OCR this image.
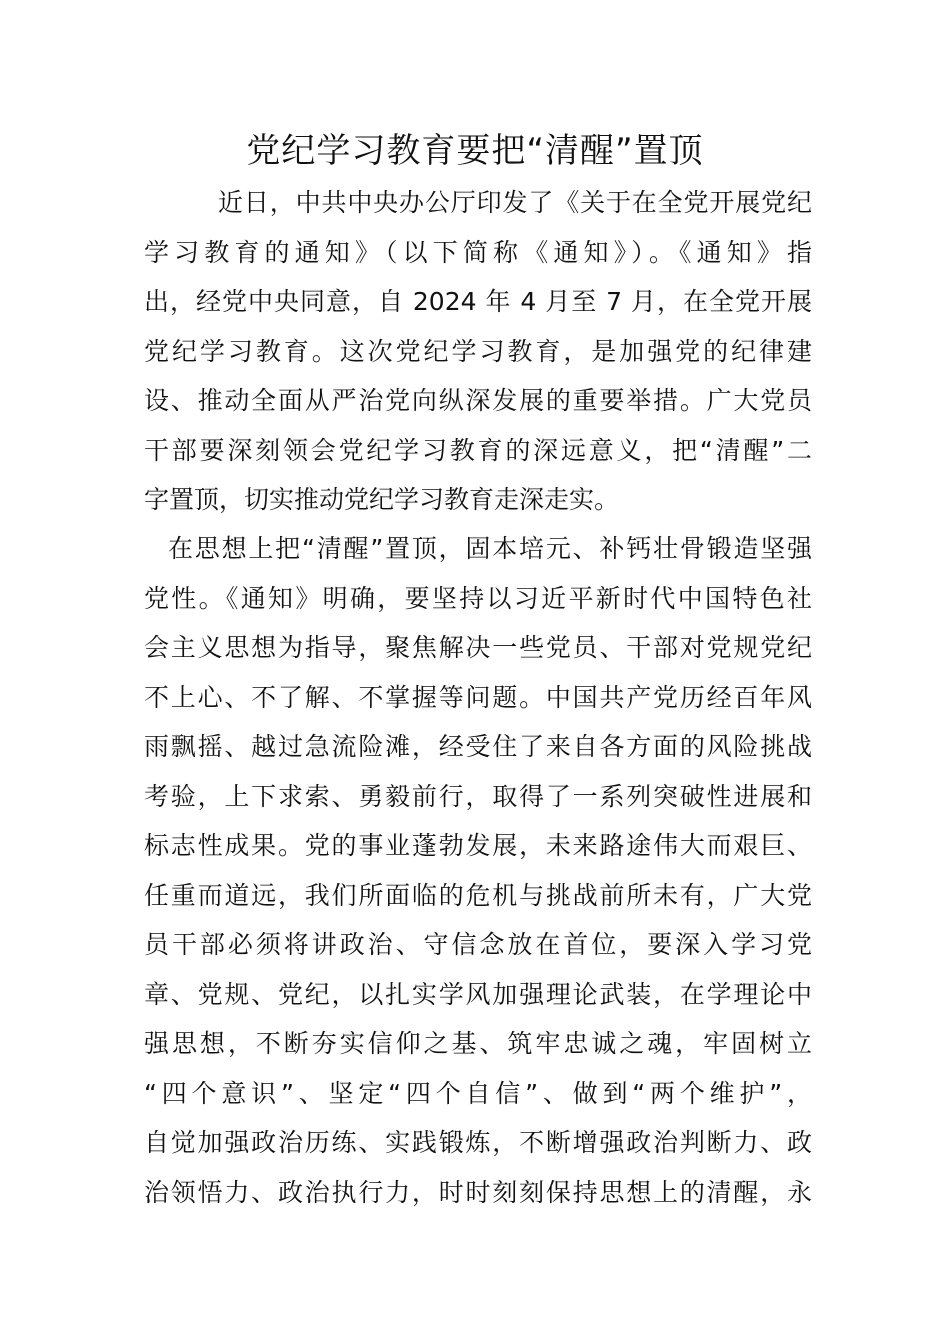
党纪学习教育要把“清醒”置顶
近日，中共中央办公厅印发了《关于在全党开展党纪
学习教育的通知》（以下简称《通知》）。《通知》指
出，经党中央同意，自 2024 年 4 月至 7 月，在全党开展
党纪学习教育。这次党纪学习教育，是加强党的纪律建
设、推动全面从严治党向纵深发展的重要举措。广大党员
干部要深刻领会党纪学习教育的深远意义，把“清醒”二
字置顶，切实推动党纪学习教育走深走实。
在思想上把“清醒”置顶，固本培元、补钙壮骨锻造坚强
党性。《通知》明确，要坚持以习近平新时代中国特色社
会主义思想为指导，聚焦解决一些党员、干部对党规党纪
不上心、不了解、不掌握等问题。中国共产党历经百年风
雨飘摇、越过急流险滩，经受住了来自各方面的风险挑战
考验，上下求索、勇毅前行，取得了一系列突破性进展和
标志性成果。党的事业蓬勃发展，未来路途伟大而艰巨、
任重而道远，我们所面临的危机与挑战前所未有，广大党
员干部必须将讲政治、守信念放在首位，要深入学习党
章、党规、党纪，以扎实学风加强理论武装，在学理论中
强思想，不断夯实信仰之基、筑牢忠诚之魂，牢固树立
“四个意识”、坚定“四个自信”、做到“两个维护”，
自觉加强政治历练、实践锻炼，不断增强政治判断力、政
治领悟力、政治执行力，时时刻刻保持思想上的清醒，永
